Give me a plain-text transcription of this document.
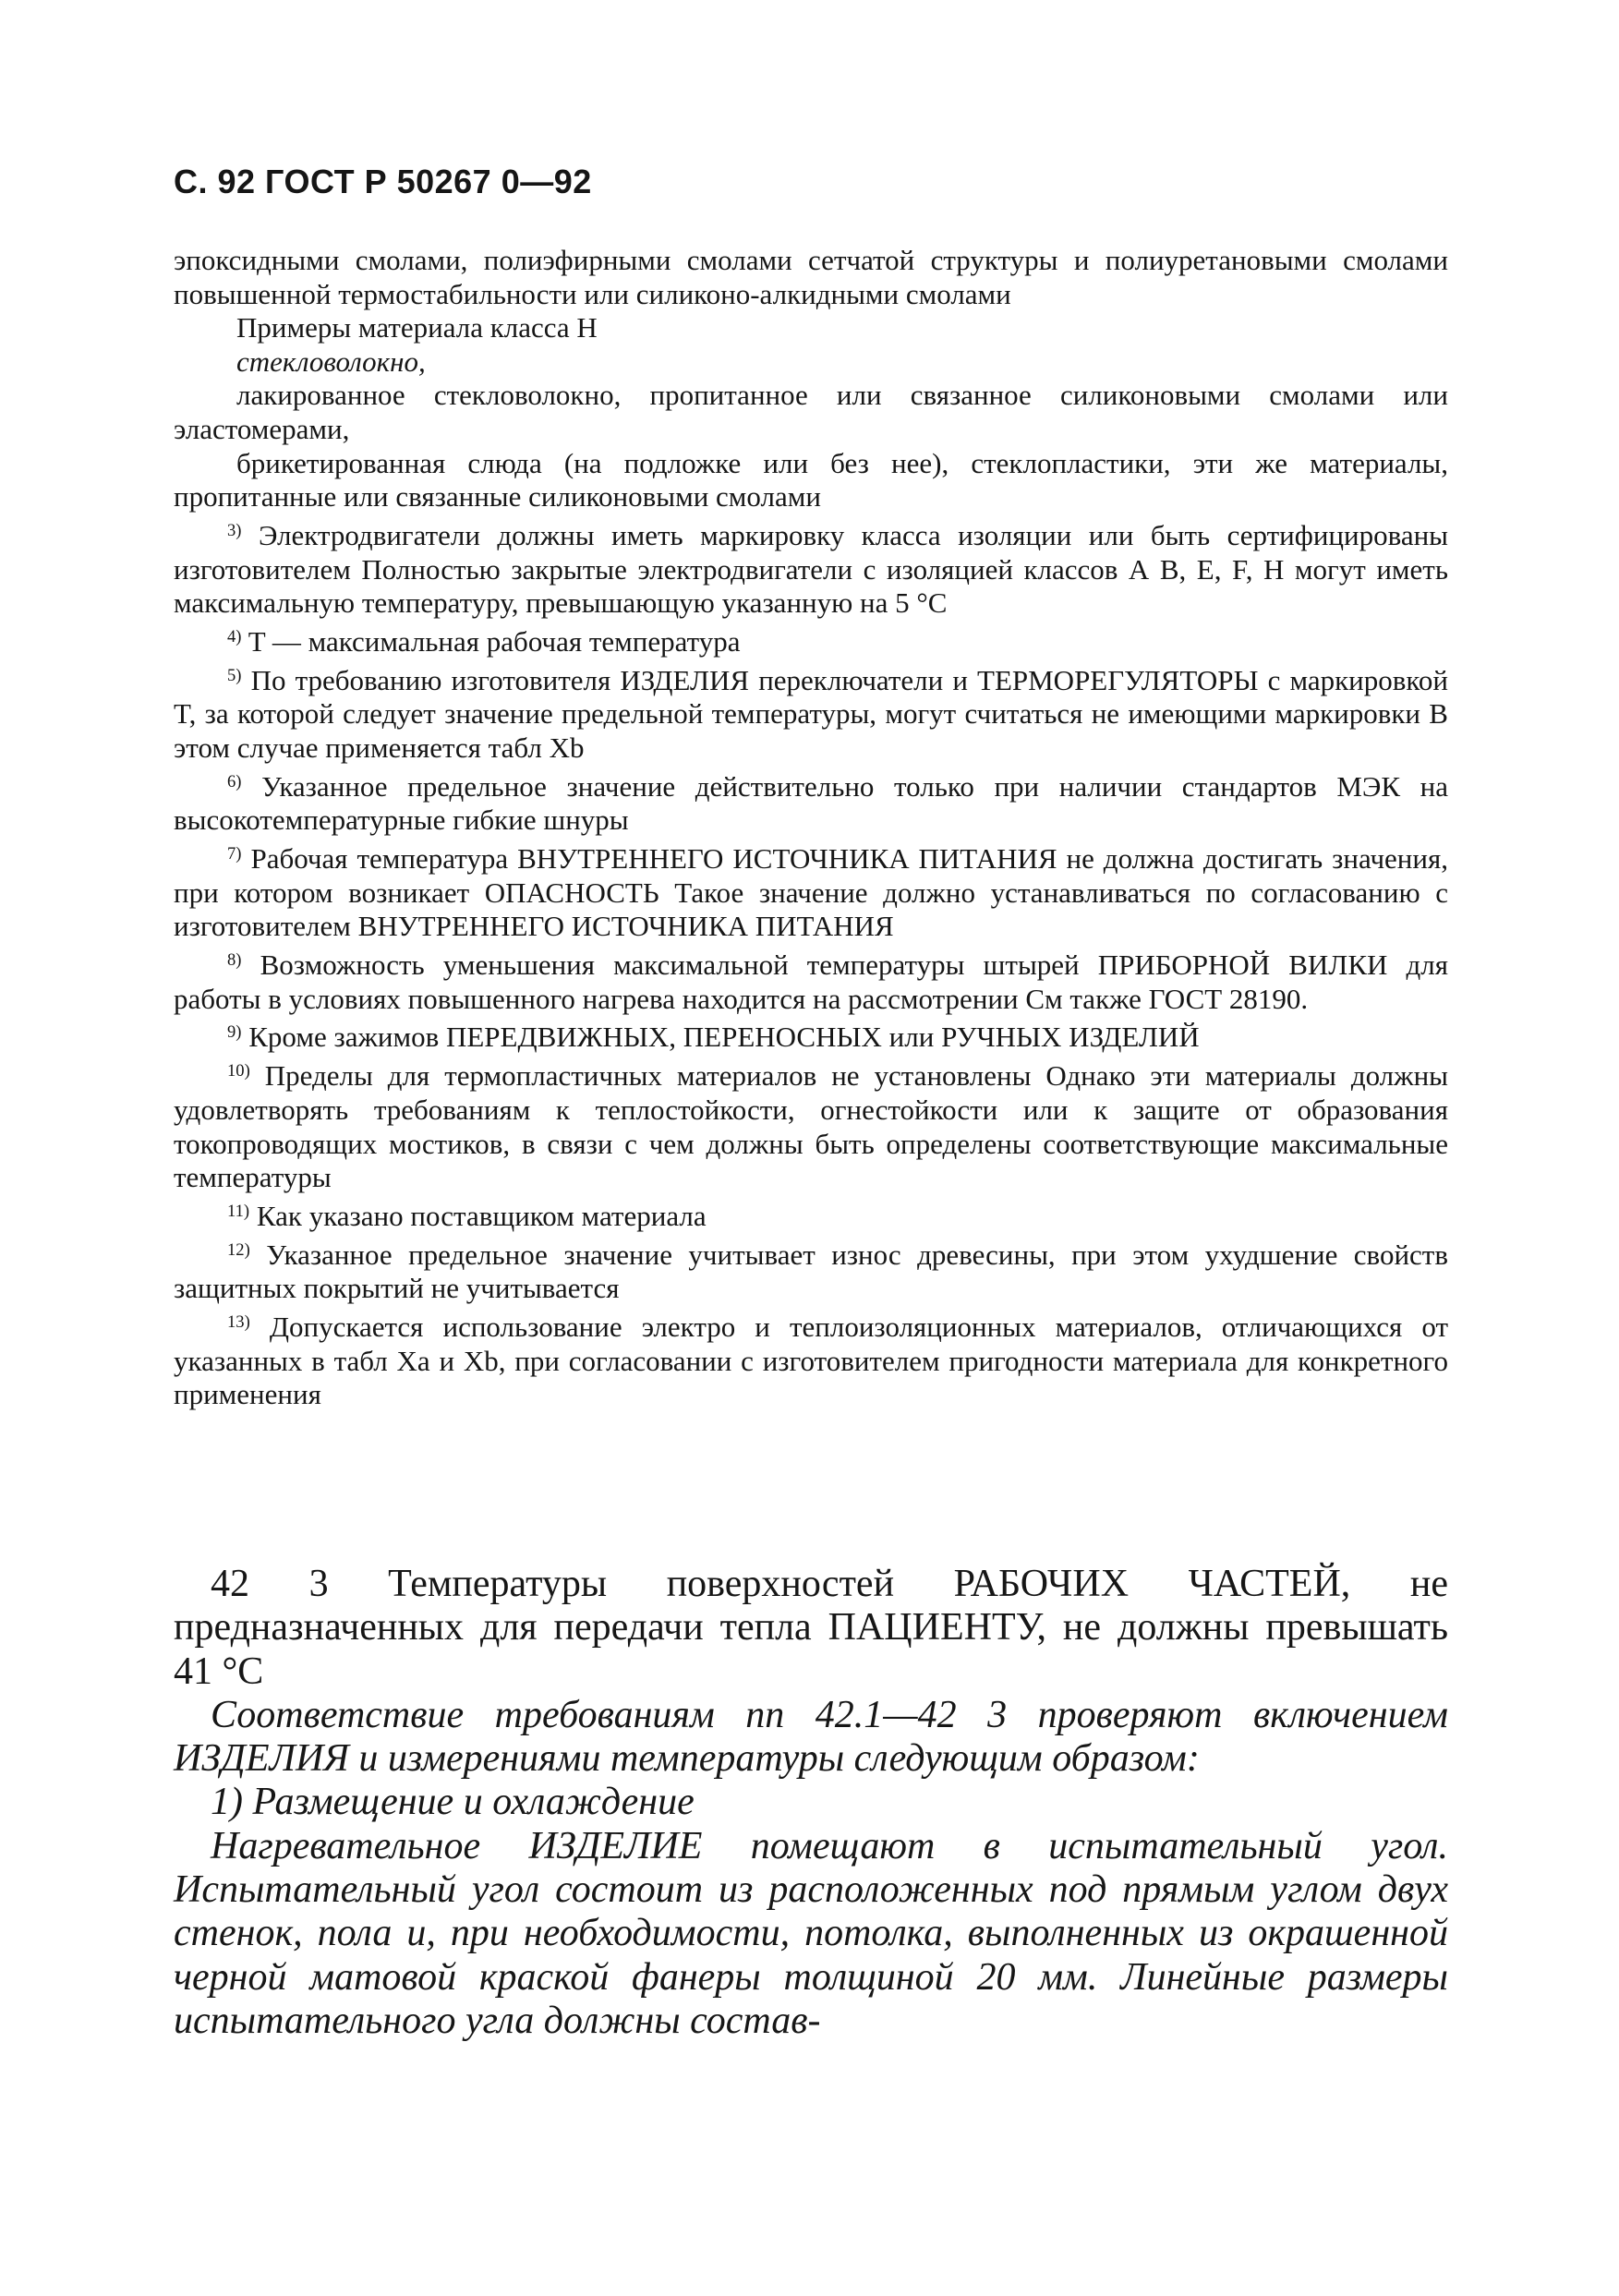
С. 92 ГОСТ Р 50267 0—92

эпоксидными смолами, полиэфирными смолами сетчатой структуры и полиуретановыми смолами повышенной термостабильности или силиконо-алкидными смолами

Примеры материала класса H

стекловолокно,

лакированное стекловолокно, пропитанное или связанное силиконовыми смолами или эластомерами,

брикетированная слюда (на подложке или без нее), стеклопластики, эти же материалы, пропитанные или связанные силиконовыми смолами

$^{3)}$ Электродвигатели должны иметь маркировку класса изоляции или быть сертифицированы изготовителем Полностью закрытые электродвигатели с изоляцией классов А В, Е, F, H могут иметь максимальную температуру, превышающую указанную на 5 °С

$^{4)}$ T — максимальная рабочая температура

$^{5)}$ По требованию изготовителя ИЗДЕЛИЯ переключатели и ТЕРМОРЕГУЛЯТОРЫ с маркировкой T, за которой следует значение предельной температуры, могут считаться не имеющими маркировки В этом случае применяется табл Xb

$^{6)}$ Указанное предельное значение действительно только при наличии стандартов МЭК на высокотемпературные гибкие шнуры

$^{7)}$ Рабочая температура ВНУТРЕННЕГО ИСТОЧНИКА ПИТАНИЯ не должна достигать значения, при котором возникает ОПАСНОСТЬ Такое значение должно устанавливаться по согласованию с изготовителем ВНУТРЕННЕГО ИСТОЧНИКА ПИТАНИЯ

$^{8)}$ Возможность уменьшения максимальной температуры штырей ПРИБОРНОЙ ВИЛКИ для работы в условиях повышенного нагрева находится на рассмотрении См также ГОСТ 28190.

$^{9)}$ Кроме зажимов ПЕРЕДВИЖНЫХ, ПЕРЕНОСНЫХ или РУЧНЫХ ИЗДЕЛИЙ

$^{10)}$ Пределы для термопластичных материалов не установлены Однако эти материалы должны удовлетворять требованиям к теплостойкости, огнестойкости или к защите от образования токопроводящих мостиков, в связи с чем должны быть определены соответствующие максимальные температуры

$^{11)}$ Как указано поставщиком материала

$^{12)}$ Указанное предельное значение учитывает износ древесины, при этом ухудшение свойств защитных покрытий не учитывается

$^{13)}$ Допускается использование электро и теплоизоляционных материалов, отличающихся от указанных в табл Xa и Xb, при согласовании с изготовителем пригодности материала для конкретного применения

42 3 Температуры поверхностей РАБОЧИХ ЧАСТЕЙ, не предназначенных для передачи тепла ПАЦИЕНТУ, не должны превышать 41 °С

Соответствие требованиям пп 42.1—42 3 проверяют включением ИЗДЕЛИЯ и измерениями температуры следующим образом:

1) Размещение и охлаждение

Нагревательное ИЗДЕЛИЕ помещают в испытательный угол. Испытательный угол состоит из расположенных под прямым углом двух стенок, пола и, при необходимости, потолка, выполненных из окрашенной черной матовой краской фанеры толщиной 20 мм. Линейные размеры испытательного угла должны состав-
